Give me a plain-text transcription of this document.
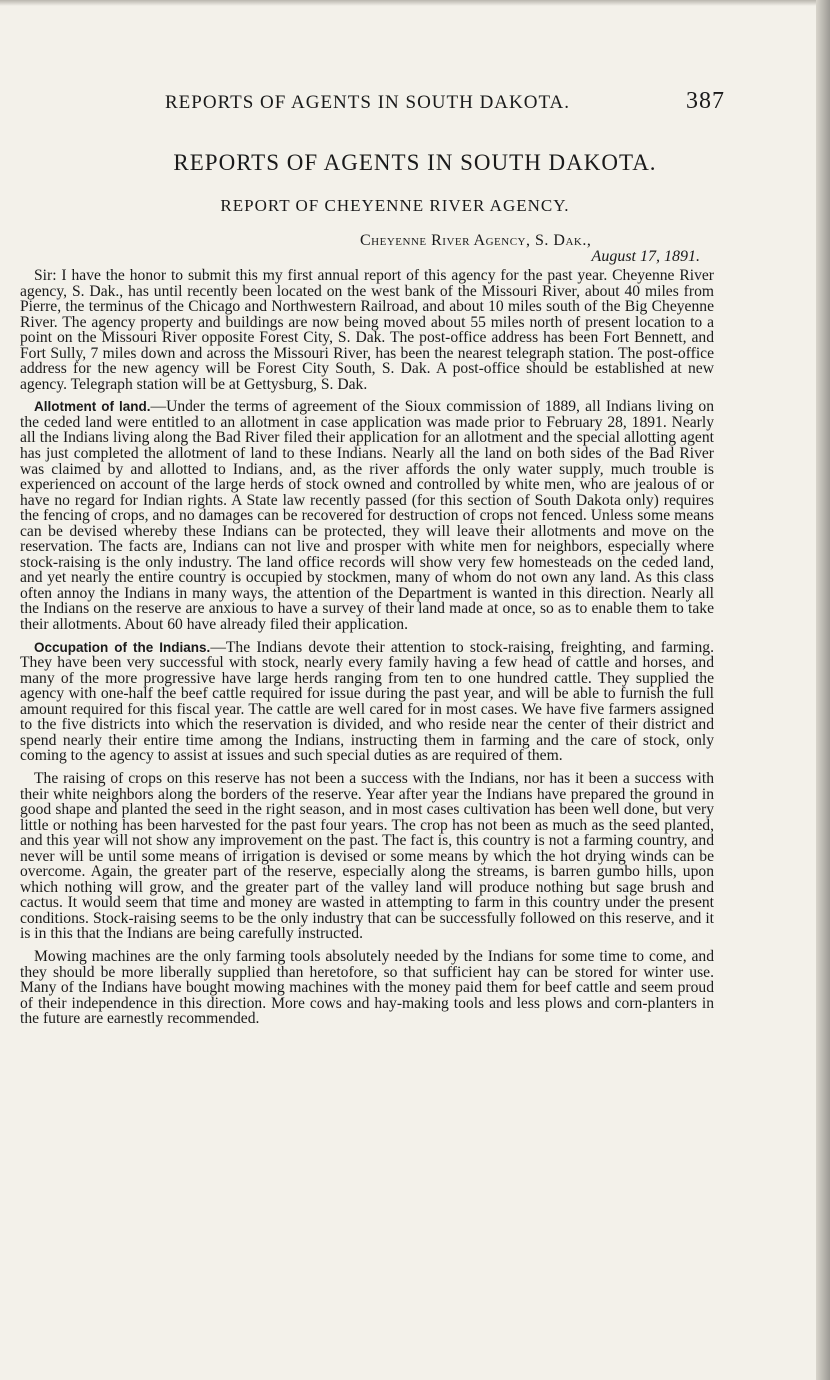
REPORTS OF AGENTS IN SOUTH DAKOTA.	387
REPORTS OF AGENTS IN SOUTH DAKOTA.
REPORT OF CHEYENNE RIVER AGENCY.
Cheyenne River Agency, S. Dak.,
August 17, 1891.

Sir: I have the honor to submit this my first annual report of this agency for the past year. Cheyenne River agency, S. Dak., has until recently been located on the west bank of the Missouri River, about 40 miles from Pierre, the terminus of the Chicago and Northwestern Railroad, and about 10 miles south of the Big Cheyenne River. The agency property and buildings are now being moved about 55 miles north of present location to a point on the Missouri River opposite Forest City, S. Dak. The post-office address has been Fort Bennett, and Fort Sully, 7 miles down and across the Missouri River, has been the nearest telegraph station. The post-office address for the new agency will be Forest City South, S. Dak. A post-office should be established at new agency. Telegraph station will be at Gettysburg, S. Dak.

Allotment of land.—Under the terms of agreement of the Sioux commission of 1889, all Indians living on the ceded land were entitled to an allotment in case application was made prior to February 28, 1891. Nearly all the Indians living along the Bad River filed their application for an allotment and the special allotting agent has just completed the allotment of land to these Indians. Nearly all the land on both sides of the Bad River was claimed by and allotted to Indians, and, as the river affords the only water supply, much trouble is experienced on account of the large herds of stock owned and controlled by white men, who are jealous of or have no regard for Indian rights. A State law recently passed (for this section of South Dakota only) requires the fencing of crops, and no damages can be recovered for destruction of crops not fenced. Unless some means can be devised whereby these Indians can be protected, they will leave their allotments and move on the reservation. The facts are, Indians can not live and prosper with white men for neighbors, especially where stock-raising is the only industry. The land office records will show very few homesteads on the ceded land, and yet nearly the entire country is occupied by stockmen, many of whom do not own any land. As this class often annoy the Indians in many ways, the attention of the Department is wanted in this direction. Nearly all the Indians on the reserve are anxious to have a survey of their land made at once, so as to enable them to take their allotments. About 60 have already filed their application.

Occupation of the Indians.—The Indians devote their attention to stock-raising, freighting, and farming. They have been very successful with stock, nearly every family having a few head of cattle and horses, and many of the more progressive have large herds ranging from ten to one hundred cattle. They supplied the agency with one-half the beef cattle required for issue during the past year, and will be able to furnish the full amount required for this fiscal year. The cattle are well cared for in most cases. We have five farmers assigned to the five districts into which the reservation is divided, and who reside near the center of their district and spend nearly their entire time among the Indians, instructing them in farming and the care of stock, only coming to the agency to assist at issues and such special duties as are required of them.

The raising of crops on this reserve has not been a success with the Indians, nor has it been a success with their white neighbors along the borders of the reserve. Year after year the Indians have prepared the ground in good shape and planted the seed in the right season, and in most cases cultivation has been well done, but very little or nothing has been harvested for the past four years. The crop has not been as much as the seed planted, and this year will not show any improvement on the past. The fact is, this country is not a farming country, and never will be until some means of irrigation is devised or some means by which the hot drying winds can be overcome. Again, the greater part of the reserve, especially along the streams, is barren gumbo hills, upon which nothing will grow, and the greater part of the valley land will produce nothing but sage brush and cactus. It would seem that time and money are wasted in attempting to farm in this country under the present conditions. Stock-raising seems to be the only industry that can be successfully followed on this reserve, and it is in this that the Indians are being carefully instructed.

Mowing machines are the only farming tools absolutely needed by the Indians for some time to come, and they should be more liberally supplied than heretofore, so that sufficient hay can be stored for winter use. Many of the Indians have bought mowing machines with the money paid them for beef cattle and seem proud of their independence in this direction. More cows and hay-making tools and less plows and corn-planters in the future are earnestly recommended.
